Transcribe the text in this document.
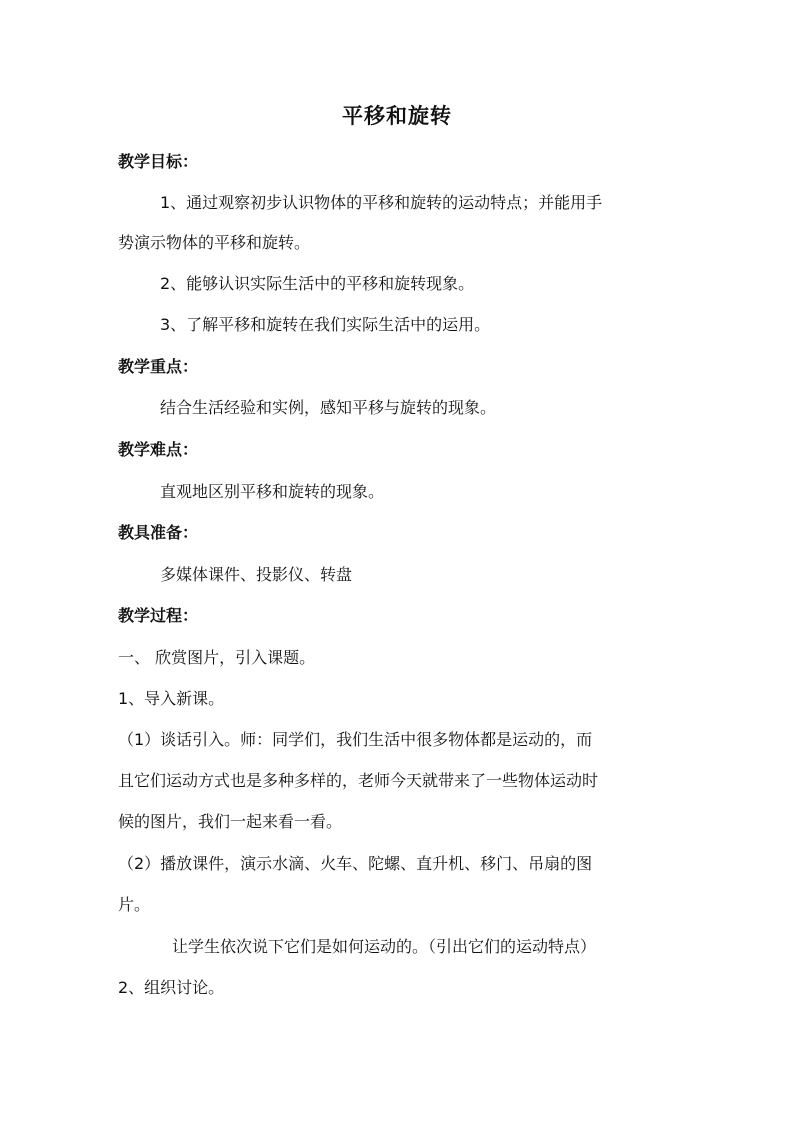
平移和旋转
教学目标：
1、通过观察初步认识物体的平移和旋转的运动特点；并能用手
势演示物体的平移和旋转。
2、能够认识实际生活中的平移和旋转现象。
3、了解平移和旋转在我们实际生活中的运用。
教学重点：
结合生活经验和实例，感知平移与旋转的现象。
教学难点：
直观地区别平移和旋转的现象。
教具准备：
多媒体课件、投影仪、转盘
教学过程：
一、 欣赏图片，引入课题。
1、导入新课。
（1）谈话引入。师：同学们，我们生活中很多物体都是运动的，而
且它们运动方式也是多种多样的，老师今天就带来了一些物体运动时
候的图片，我们一起来看一看。
（2）播放课件，演示水滴、火车、陀螺、直升机、移门、吊扇的图
片。
让学生依次说下它们是如何运动的。（引出它们的运动特点）
2、组织讨论。
